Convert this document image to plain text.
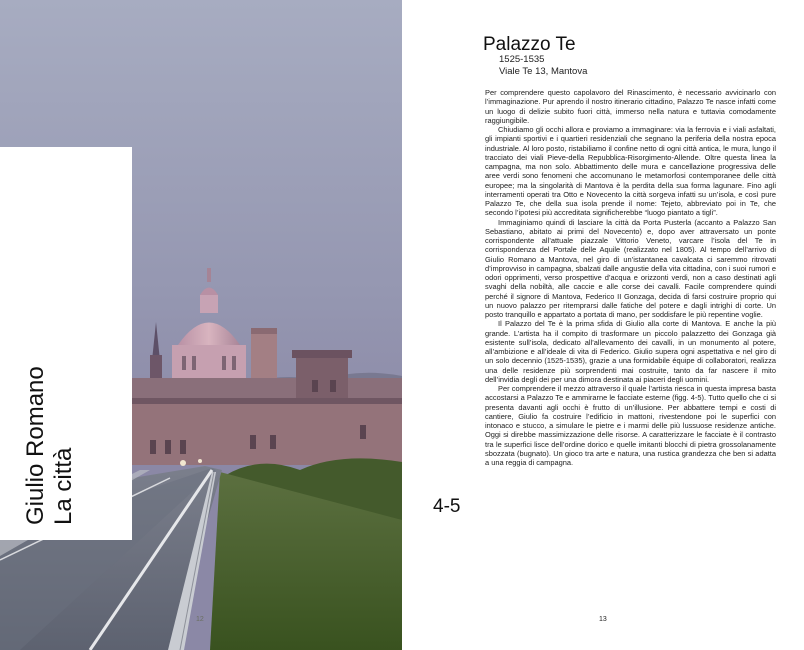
Giulio Romano La città
12
4-5
Palazzo Te
1525-1535
Viale Te 13, Mantova

Per comprendere questo capolavoro del Rinascimento, è necessario avvicinarlo con l’immaginazione. Pur aprendo il nostro itinerario cittadino, Palazzo Te nasce infatti come un luogo di delizie subito fuori città, immerso nella natura e tuttavia comodamente raggiungibile.

Chiudiamo gli occhi allora e proviamo a immaginare: via la ferrovia e i viali asfaltati, gli impianti sportivi e i quartieri residenziali che segnano la periferia della nostra epoca industriale. Al loro posto, ristabiliamo il confine netto di ogni città antica, le mura, lungo il tracciato dei viali Pieve-della Repubblica-Risorgimento-Allende. Oltre questa linea la campagna, ma non solo. Abbattimento delle mura e cancellazione progressiva delle aree verdi sono fenomeni che accomunano le metamorfosi contemporanee delle città europee; ma la singolarità di Mantova è la perdita della sua forma lagunare. Fino agli interramenti operati tra Otto e Novecento la città sorgeva infatti su un’isola, e così pure Palazzo Te, che della sua isola prende il nome: Tejeto, abbreviato poi in Te, che secondo l’ipotesi più accreditata significherebbe “luogo piantato a tigli”.

Immaginiamo quindi di lasciare la città da Porta Pusterla (accanto a Palazzo San Sebastiano, abitato ai primi del Novecento) e, dopo aver attraversato un ponte corrispondente all’attuale piazzale Vittorio Veneto, varcare l’isola del Te in corrispondenza del Portale delle Aquile (realizzato nel 1805). Al tempo dell’arrivo di Giulio Romano a Mantova, nel giro di un’istantanea cavalcata ci saremmo ritrovati d’improvviso in campagna, sbalzati dalle angustie della vita cittadina, con i suoi rumori e odori opprimenti, verso prospettive d’acqua e orizzonti verdi, non a caso destinati agli svaghi della nobiltà, alle caccie e alle corse dei cavalli. Facile comprendere quindi perché il signore di Mantova, Federico II Gonzaga, decida di farsi costruire proprio qui un nuovo palazzo per ritemprarsi dalle fatiche del potere e dagli intrighi di corte. Un posto tranquillo e appartato a portata di mano, per soddisfare le più repentine voglie.

Il Palazzo del Te è la prima sfida di Giulio alla corte di Mantova. E anche la più grande. L’artista ha il compito di trasformare un piccolo palazzetto dei Gonzaga già esistente sull’isola, dedicato all’allevamento dei cavalli, in un monumento al potere, all’ambizione e all’ideale di vita di Federico. Giulio supera ogni aspettativa e nel giro di un solo decennio (1525-1535), grazie a una formidabile équipe di collaboratori, realizza una delle residenze più sorprendenti mai costruite, tanto da far nascere il mito dell’invidia degli dei per una dimora destinata ai piaceri degli uomini.

Per comprendere il mezzo attraverso il quale l’artista riesca in questa impresa basta accostarsi a Palazzo Te e ammirarne le facciate esterne (figg. 4-5). Tutto quello che ci si presenta davanti agli occhi è frutto di un’illusione. Per abbattere tempi e costi di cantiere, Giulio fa costruire l’edificio in mattoni, rivestendone poi le superfici con intonaco e stucco, a simulare le pietre e i marmi delle più lussuose residenze antiche. Oggi si direbbe massimizzazione delle risorse. A caratterizzare le facciate è il contrasto tra le superfici lisce dell’ordine dorico e quelle imitanti blocchi di pietra grossolanamente sbozzata (bugnato). Un gioco tra arte e natura, una rustica grandezza che ben si adatta a una reggia di campagna.

13
